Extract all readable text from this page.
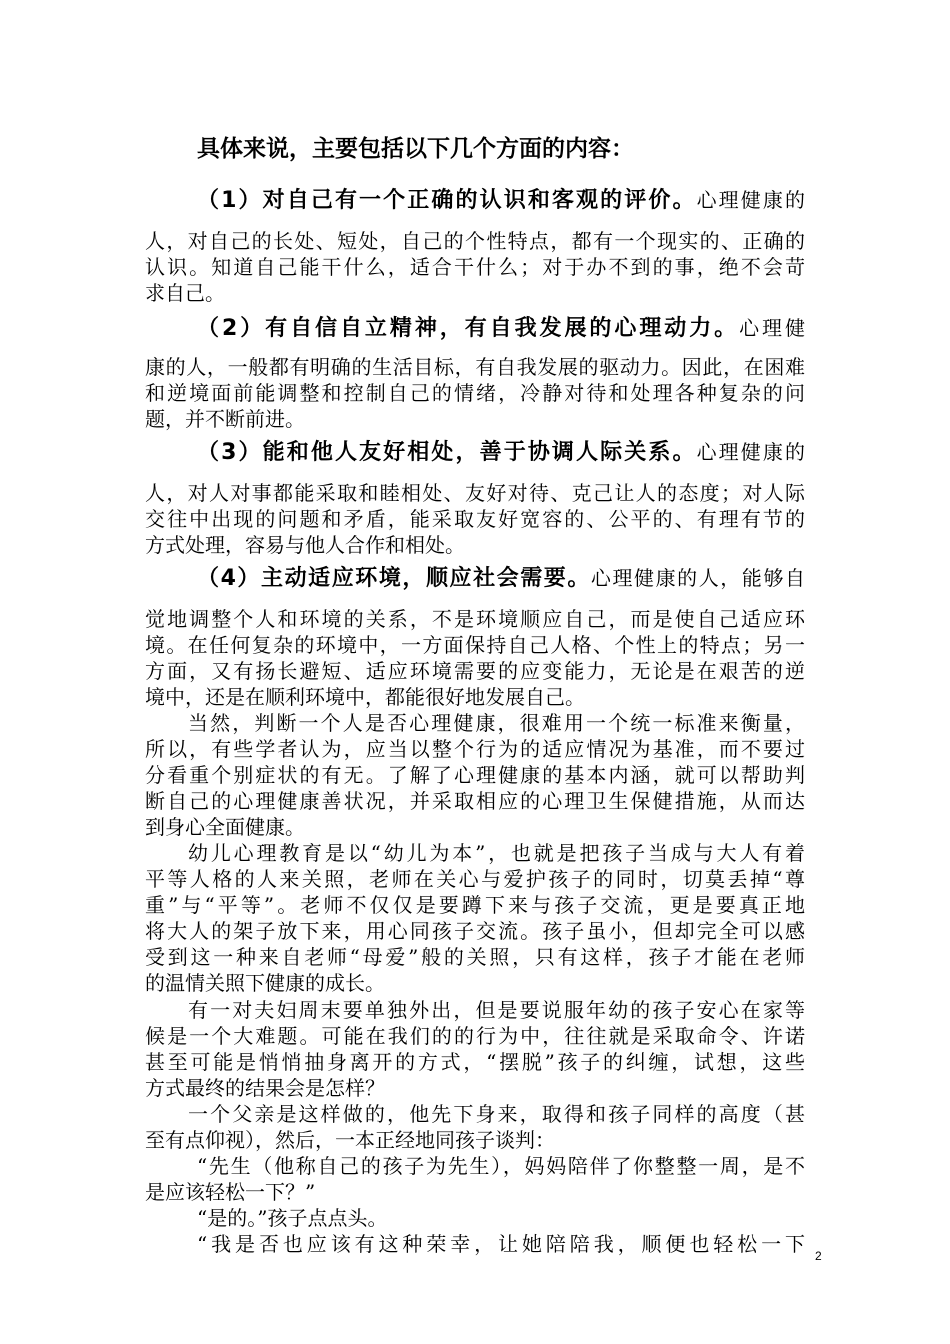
具体来说，主要包括以下几个方面的内容：
（1）对自己有一个正确的认识和客观的评价。心理健康的
人，对自己的长处、短处，自己的个性特点，都有一个现实的、正确的
认识。知道自己能干什么，适合干什么；对于办不到的事，绝不会苛
求自己。
（2）有自信自立精神，有自我发展的心理动力。心理健
康的人，一般都有明确的生活目标，有自我发展的驱动力。因此，在困难
和逆境面前能调整和控制自己的情绪，冷静对待和处理各种复杂的问
题，并不断前进。
（3）能和他人友好相处，善于协调人际关系。心理健康的
人，对人对事都能采取和睦相处、友好对待、克己让人的态度；对人际
交往中出现的问题和矛盾，能采取友好宽容的、公平的、有理有节的
方式处理，容易与他人合作和相处。
（4）主动适应环境，顺应社会需要。心理健康的人，能够自
觉地调整个人和环境的关系，不是环境顺应自己，而是使自己适应环
境。在任何复杂的环境中，一方面保持自己人格、个性上的特点；另一
方面，又有扬长避短、适应环境需要的应变能力，无论是在艰苦的逆
境中，还是在顺利环境中，都能很好地发展自己。
当然，判断一个人是否心理健康，很难用一个统一标准来衡量，
所以，有些学者认为，应当以整个行为的适应情况为基准，而不要过
分看重个别症状的有无。了解了心理健康的基本内涵，就可以帮助判
断自己的心理健康善状况，并采取相应的心理卫生保健措施，从而达
到身心全面健康。
幼儿心理教育是以“幼儿为本”，也就是把孩子当成与大人有着
平等人格的人来关照，老师在关心与爱护孩子的同时，切莫丢掉“尊
重”与“平等”。老师不仅仅是要蹲下来与孩子交流，更是要真正地
将大人的架子放下来，用心同孩子交流。孩子虽小，但却完全可以感
受到这一种来自老师“母爱”般的关照，只有这样，孩子才能在老师
的温情关照下健康的成长。
有一对夫妇周末要单独外出，但是要说服年幼的孩子安心在家等
候是一个大难题。可能在我们的的行为中，往往就是采取命令、许诺
甚至可能是悄悄抽身离开的方式，“摆脱”孩子的纠缠，试想，这些
方式最终的结果会是怎样？
一个父亲是这样做的，他先下身来，取得和孩子同样的高度（甚
至有点仰视），然后，一本正经地同孩子谈判：
“先生（他称自己的孩子为先生），妈妈陪伴了你整整一周，是不
是应该轻松一下？”
“是的。”孩子点点头。
“我是否也应该有这种荣幸，让她陪陪我，顺便也轻松一下 2
